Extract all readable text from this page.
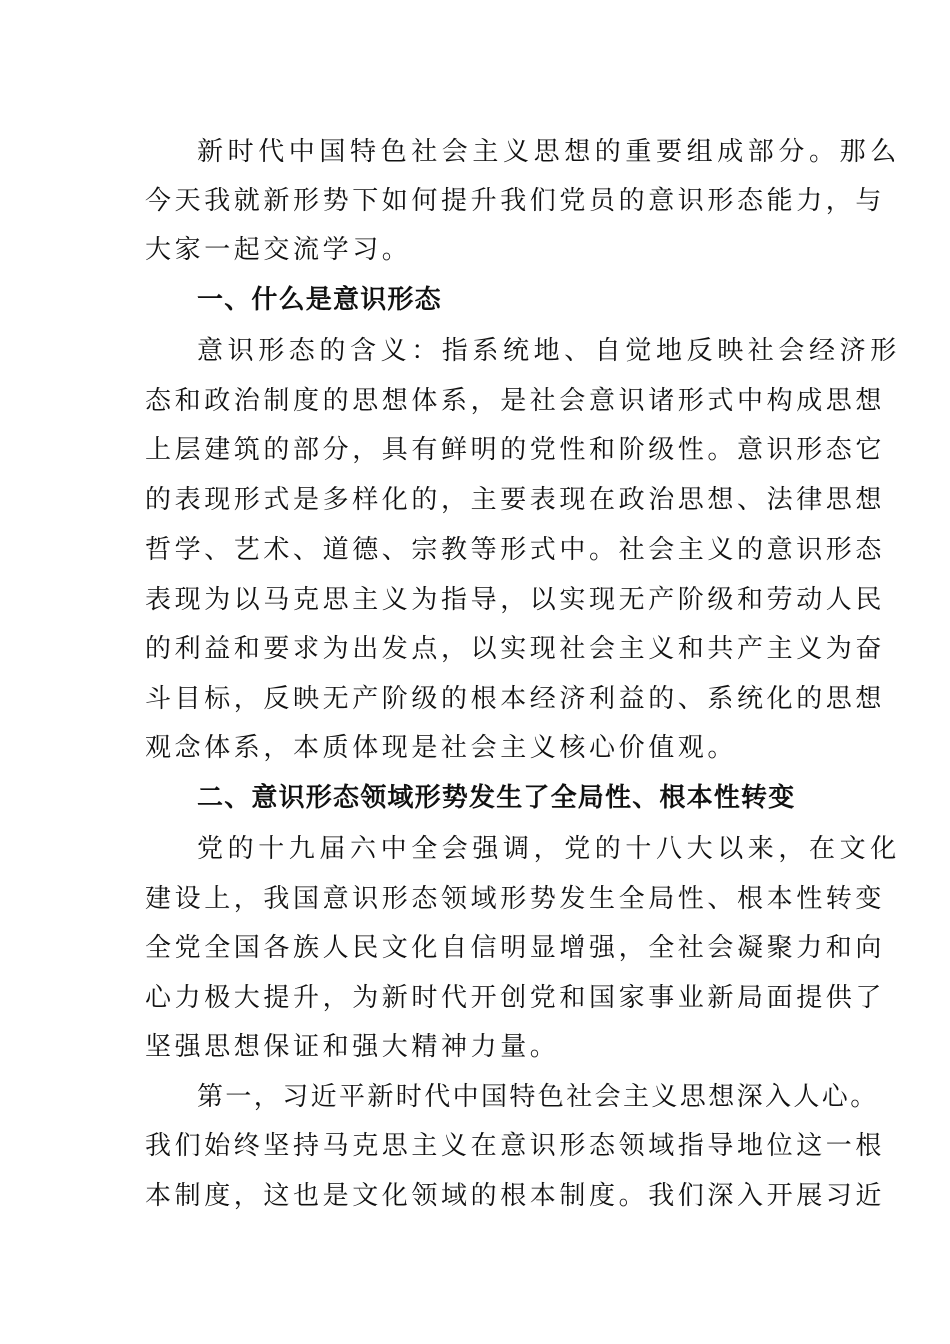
新时代中国特色社会主义思想的重要组成部分。那么
今天我就新形势下如何提升我们党员的意识形态能力，与
大家一起交流学习。
一、什么是意识形态
意识形态的含义：指系统地、自觉地反映社会经济形
态和政治制度的思想体系，是社会意识诸形式中构成思想
上层建筑的部分，具有鲜明的党性和阶级性。意识形态它
的表现形式是多样化的，主要表现在政治思想、法律思想
哲学、艺术、道德、宗教等形式中。社会主义的意识形态
表现为以马克思主义为指导，以实现无产阶级和劳动人民
的利益和要求为出发点，以实现社会主义和共产主义为奋
斗目标，反映无产阶级的根本经济利益的、系统化的思想
观念体系，本质体现是社会主义核心价值观。
二、意识形态领域形势发生了全局性、根本性转变
党的十九届六中全会强调，党的十八大以来，在文化
建设上，我国意识形态领域形势发生全局性、根本性转变
全党全国各族人民文化自信明显增强，全社会凝聚力和向
心力极大提升，为新时代开创党和国家事业新局面提供了
坚强思想保证和强大精神力量。
第一，习近平新时代中国特色社会主义思想深入人心。
我们始终坚持马克思主义在意识形态领域指导地位这一根
本制度，这也是文化领域的根本制度。我们深入开展习近
